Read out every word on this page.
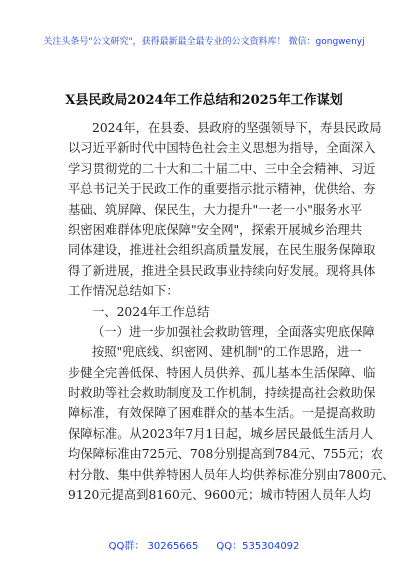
关注头条号"公文研究"，获得最新最全最专业的公文资料库！ 微信：gongwenyj
X县民政局2024年工作总结和2025年工作谋划
2024年，在县委、县政府的坚强领导下，寿县民政局
以习近平新时代中国特色社会主义思想为指导，全面深入
学习贯彻党的二十大和二十届二中、三中全会精神、习近
平总书记关于民政工作的重要指示批示精神，优供给、夯
基础、筑屏障、保民生，大力提升"一老一小"服务水平
织密困难群体兜底保障"安全网"，探索开展城乡治理共
同体建设，推进社会组织高质量发展，在民生服务保障取
得了新进展，推进全县民政事业持续向好发展。现将具体
工作情况总结如下：
一、2024年工作总结
（一）进一步加强社会救助管理，全面落实兜底保障
按照"兜底线、织密网、建机制"的工作思路，进一
步健全完善低保、特困人员供养、孤儿基本生活保障、临
时救助等社会救助制度及工作机制，持续提高社会救助保
障标准，有效保障了困难群众的基本生活。一是提高救助
保障标准。从2023年7月1日起，城乡居民最低生活月人
均保障标准由725元、708分别提高到784元、755元；农
村分散、集中供养特困人员年人均供养标准分别由7800元、
9120元提高到8160元、9600元；城市特困人员年人均
QQ群： 30265665 QQ：535304092
